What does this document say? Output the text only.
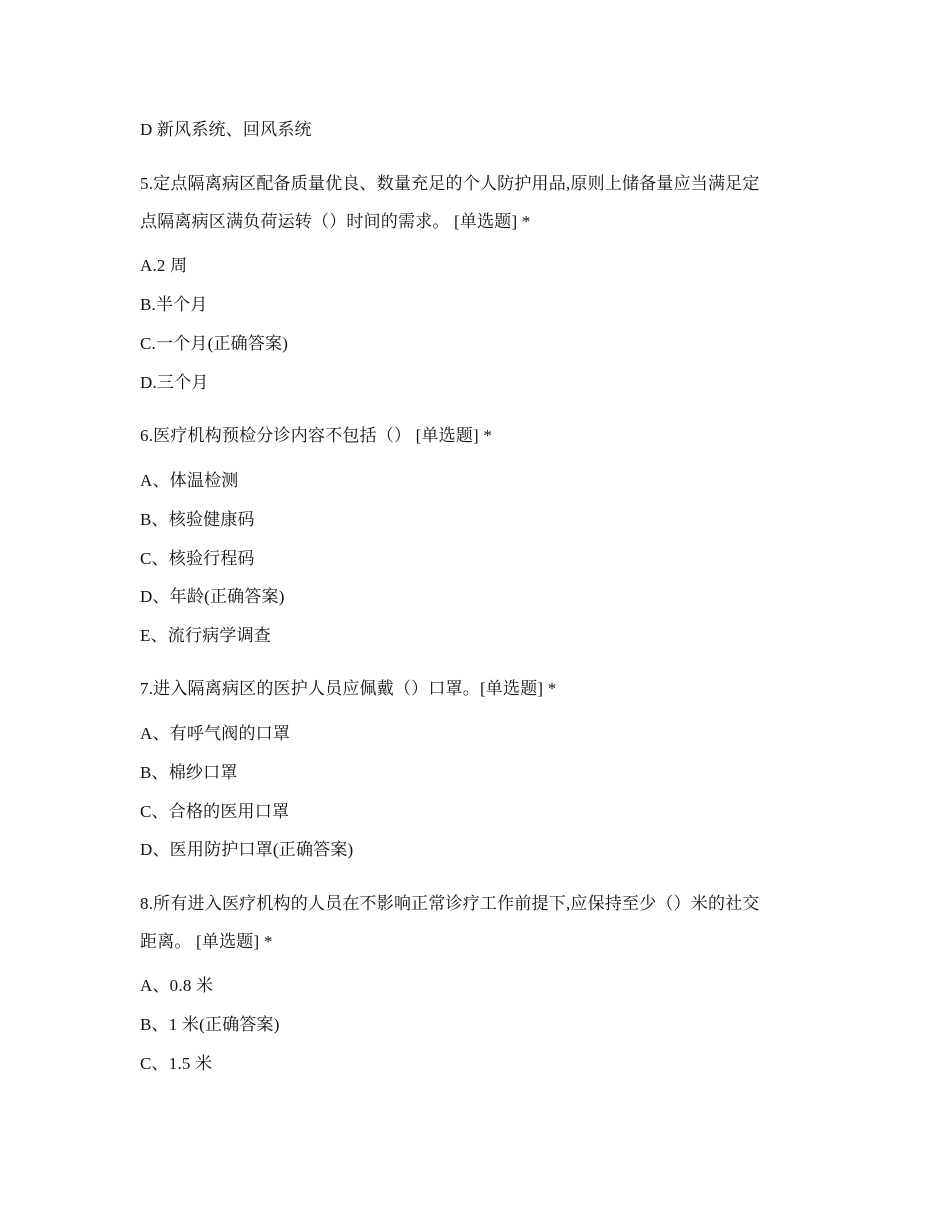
D 新风系统、回风系统

5.定点隔离病区配备质量优良、数量充足的个人防护用品,原则上储备量应当满足定

点隔离病区满负荷运转（）时间的需求。 [单选题] *

A.2 周

B.半个月

C.一个月(正确答案)

D.三个月

6.医疗机构预检分诊内容不包括（） [单选题] *

A、体温检测

B、核验健康码

C、核验行程码

D、年龄(正确答案)

E、流行病学调查

7.进入隔离病区的医护人员应佩戴（）口罩。[单选题] *

A、有呼气阀的口罩

B、棉纱口罩

C、合格的医用口罩

D、医用防护口罩(正确答案)

8.所有进入医疗机构的人员在不影响正常诊疗工作前提下,应保持至少（）米的社交

距离。 [单选题] *

A、0.8 米

B、1 米(正确答案)

C、1.5 米
